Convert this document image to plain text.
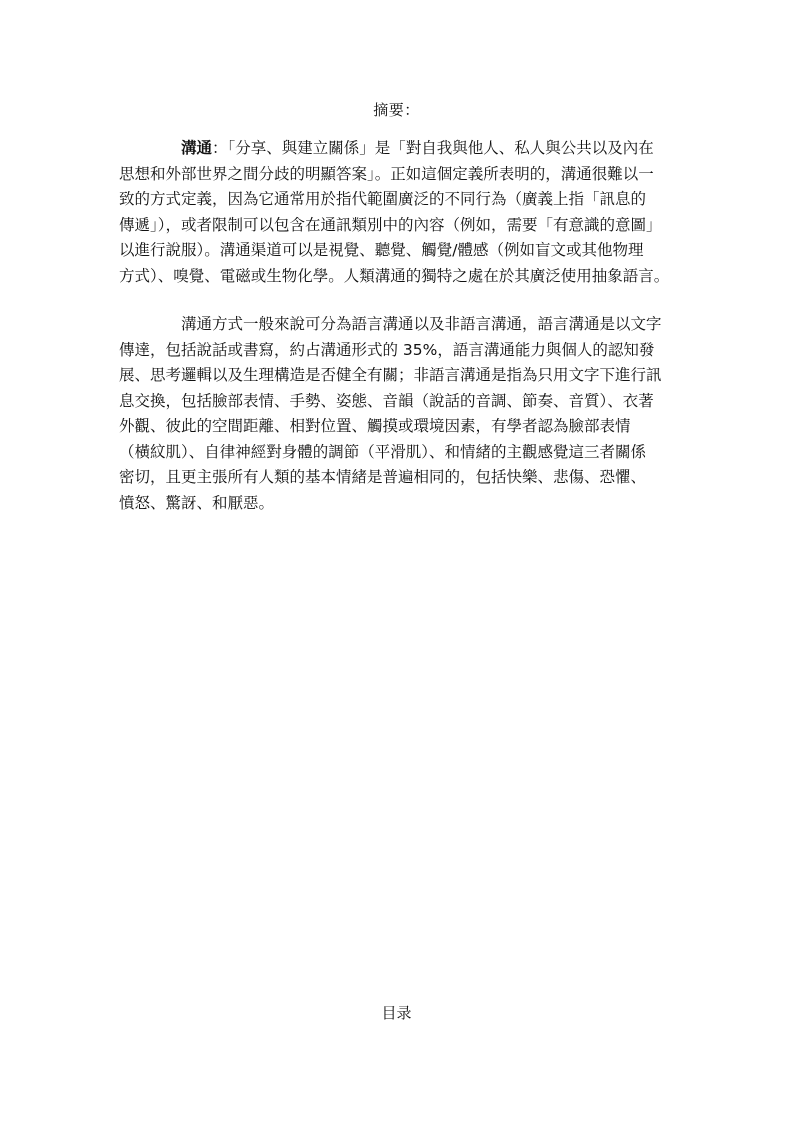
摘要：

溝通：「分享、與建立關係」是「對自我與他人、私人與公共以及內在
思想和外部世界之間分歧的明顯答案」。正如這個定義所表明的，溝通很難以一
致的方式定義，因為它通常用於指代範圍廣泛的不同行為（廣義上指「訊息的
傳遞」），或者限制可以包含在通訊類別中的內容（例如，需要「有意識的意圖」
以進行說服）。溝通渠道可以是視覺、聽覺、觸覺/體感（例如盲文或其他物理
方式）、嗅覺、電磁或生物化學。人類溝通的獨特之處在於其廣泛使用抽象語言。

溝通方式一般來說可分為語言溝通以及非語言溝通，語言溝通是以文字
傳達，包括說話或書寫，約占溝通形式的 35%，語言溝通能力與個人的認知發
展、思考邏輯以及生理構造是否健全有關；非語言溝通是指為只用文字下進行訊
息交換，包括臉部表情、手勢、姿態、音韻（說話的音調、節奏、音質）、衣著
外觀、彼此的空間距離、相對位置、觸摸或環境因素，有學者認為臉部表情
（橫紋肌）、自律神經對身體的調節（平滑肌）、和情緒的主觀感覺這三者關係
密切，且更主張所有人類的基本情緒是普遍相同的，包括快樂、悲傷、恐懼、
憤怒、驚訝、和厭惡。

目录
